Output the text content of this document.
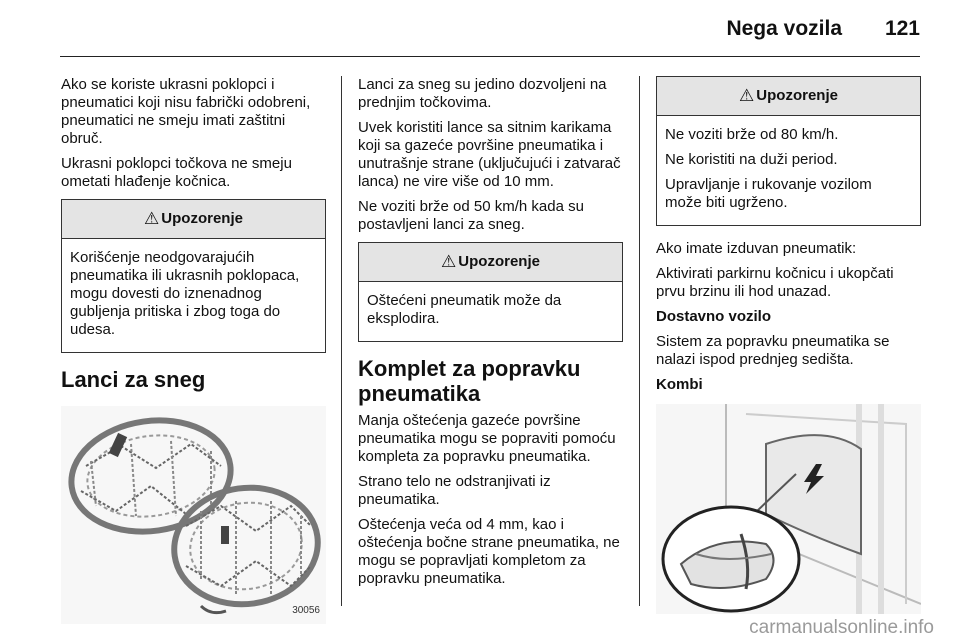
Nega vozila 121

Ako se koriste ukrasni poklopci i pneumatici koji nisu fabrički odobreni, pneumatici ne smeju imati zaštitni obruč.

Ukrasni poklopci točkova ne smeju ometati hlađenje kočnica.

⚠ Upozorenje

Korišćenje neodgovarajućih pneumatika ili ukrasnih poklopaca, mogu dovesti do iznenadnog gubljenja pritiska i zbog toga do udesa.

Lanci za sneg
30056

Lanci za sneg su jedino dozvoljeni na prednjim točkovima.

Uvek koristiti lance sa sitnim karikama koji sa gazeće površine pneumatika i unutrašnje strane (uključujući i zatvarač lanca) ne vire više od 10 mm.

Ne voziti brže od 50 km/h kada su postavljeni lanci za sneg.

⚠ Upozorenje

Oštećeni pneumatik može da eksplodira.

Komplet za popravku pneumatika

Manja oštećenja gazeće površine pneumatika mogu se popraviti pomoću kompleta za popravku pneumatika.

Strano telo ne odstranjivati iz pneumatika.

Oštećenja veća od 4 mm, kao i oštećenja bočne strane pneumatika, ne mogu se popravljati kompletom za popravku pneumatika.

⚠ Upozorenje

Ne voziti brže od 80 km/h.

Ne koristiti na duži period.

Upravljanje i rukovanje vozilom može biti ugrženo.

Ako imate izduvan pneumatik:

Aktivirati parkirnu kočnicu i ukopčati prvu brzinu ili hod unazad.

Dostavno vozilo

Sistem za popravku pneumatika se nalazi ispod prednjeg sedišta.

Kombi

carmanualsonline.info
